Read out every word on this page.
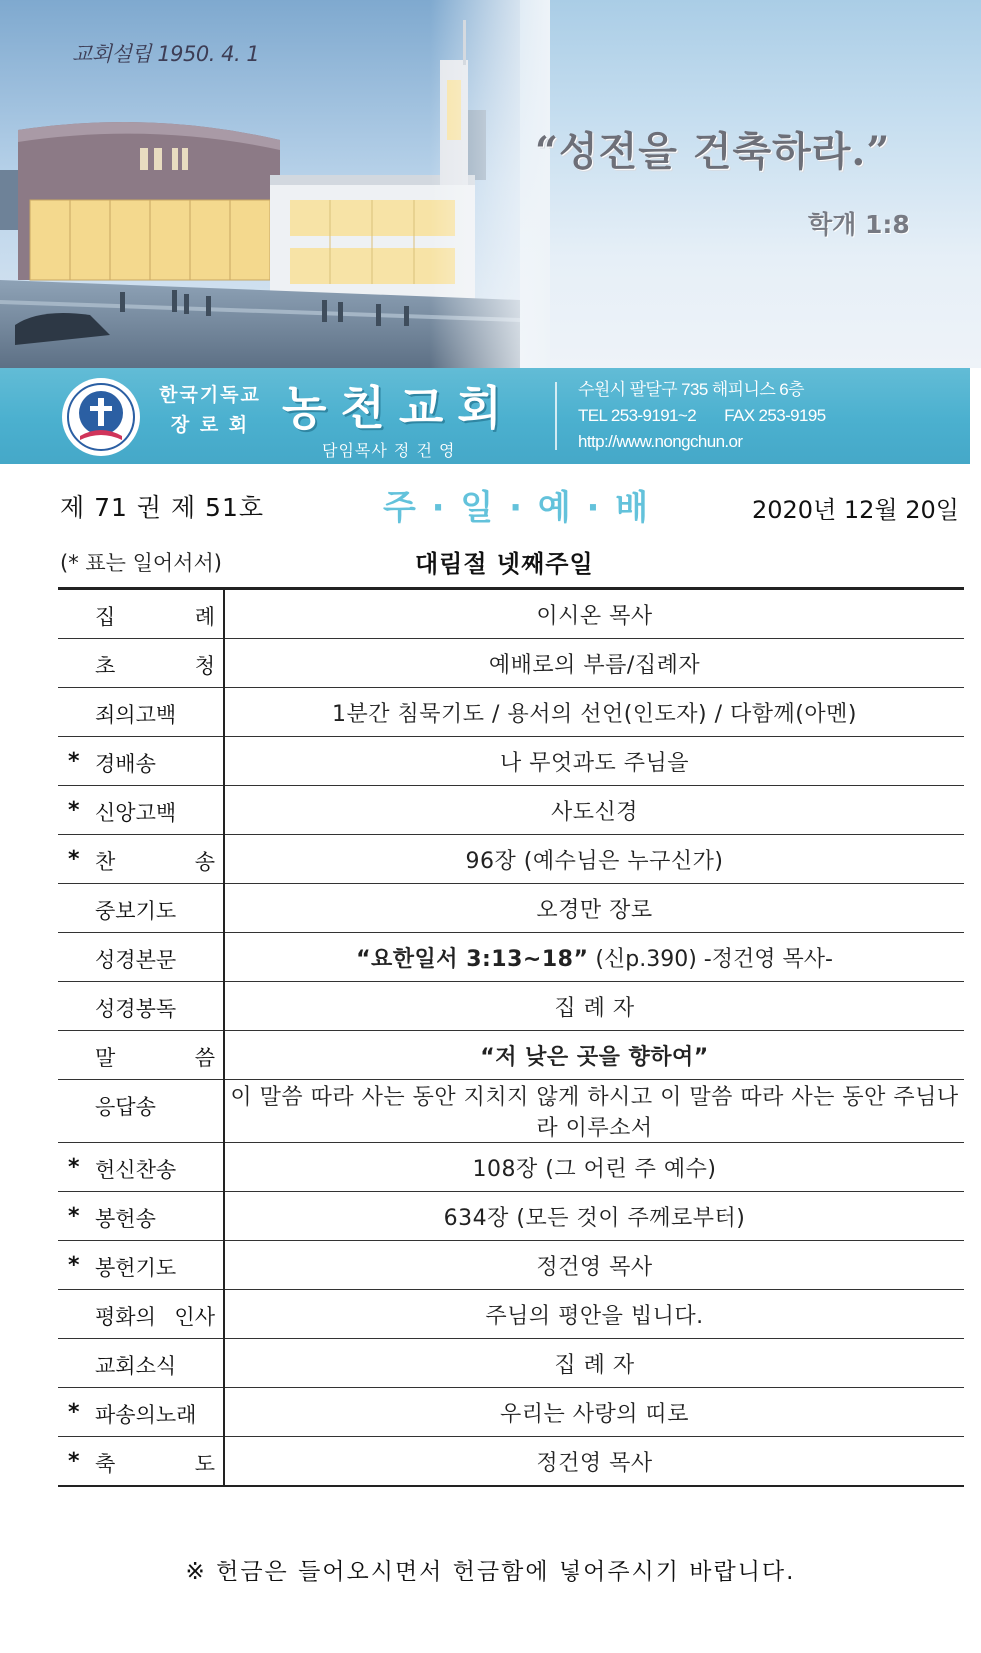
교회설립 1950. 4. 1
“성전을 건축하라.”
학개 1:8
한국기독교
장 로 회 농천교회
담임목사 정 건 영
수원시 팔달구 735 해피니스 6층
TEL 253-9191~2 FAX 253-9195
http://www.nongchun.or
제 71 권 제 51호	주 · 일 · 예 · 배	2020년 12월 20일
(* 표는 일어서서)	대림절 넷째주일
집 례	이시온 목사

초 청	예배로의 부름/집례자

죄의고백	1분간 침묵기도 / 용서의 선언(인도자) / 다함께(아멘)

* 경배송	나 무엇과도 주님을

* 신앙고백	사도신경

* 찬 송	96장 (예수님은 누구신가)

중보기도	오경만 장로

성경본문	“요한일서 3:13~18” (신p.390) -정건영 목사-

성경봉독	집 례 자

말 씀	“저 낮은 곳을 향하여”

응답송	이 말씀 따라 사는 동안 지치지 않게 하시고 이 말씀 따라 사는 동안 주님나라 이루소서

* 헌신찬송	108장 (그 어린 주 예수)

* 봉헌송	634장 (모든 것이 주께로부터)

* 봉헌기도	정건영 목사

평화의 인사	주님의 평안을 빕니다.

교회소식	집 례 자

* 파송의노래	우리는 사랑의 띠로

* 축 도	정건영 목사
※ 헌금은 들어오시면서 헌금함에 넣어주시기 바랍니다.
